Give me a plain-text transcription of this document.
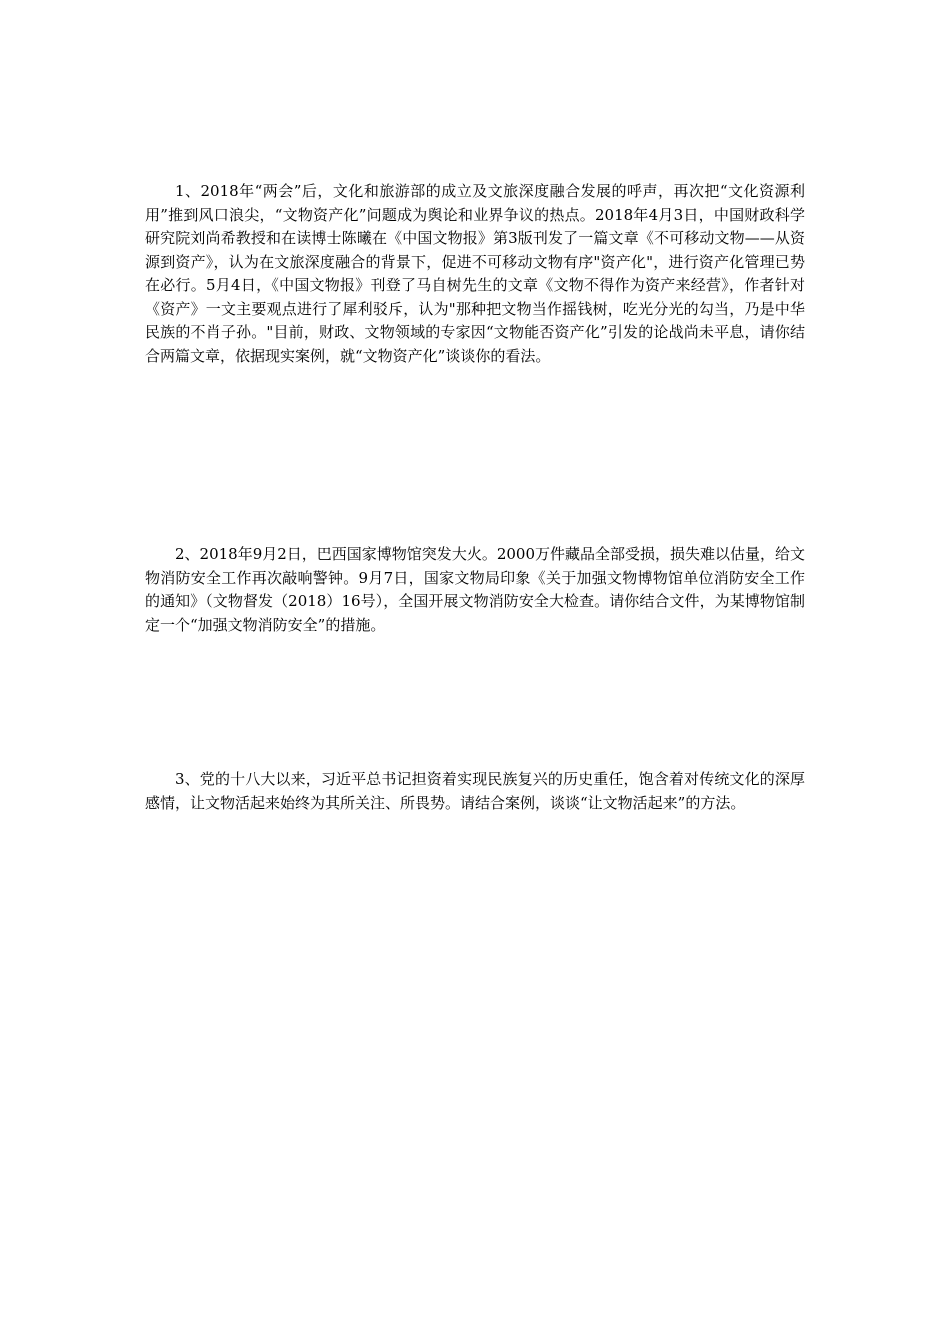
1、2018年“两会”后，文化和旅游部的成立及文旅深度融合发展的呼声，再次把“文化资源利用”推到风口浪尖，“文物资产化”问题成为舆论和业界争议的热点。2018年4月3日，中国财政科学研究院刘尚希教授和在读博士陈曦在《中国文物报》第3版刊发了一篇文章《不可移动文物——从资源到资产》，认为在文旅深度融合的背景下，促进不可移动文物有序"资产化"，进行资产化管理已势在必行。5月4日，《中国文物报》刊登了马自树先生的文章《文物不得作为资产来经营》，作者针对《资产》一文主要观点进行了犀利驳斥，认为"那种把文物当作摇钱树，吃光分光的勾当，乃是中华民族的不肖子孙。"目前，财政、文物领域的专家因“文物能否资产化”引发的论战尚未平息，请你结合两篇文章，依据现实案例，就“文物资产化”谈谈你的看法。

2、2018年9月2日，巴西国家博物馆突发大火。2000万件藏品全部受损，损失难以估量，给文物消防安全工作再次敲响警钟。9月7日，国家文物局印象《关于加强文物博物馆单位消防安全工作的通知》（文物督发（2018）16号），全国开展文物消防安全大检查。请你结合文件，为某博物馆制定一个“加强文物消防安全”的措施。

3、党的十八大以来，习近平总书记担资着实现民族复兴的历史重任，饱含着对传统文化的深厚感情，让文物活起来始终为其所关注、所畏势。请结合案例，谈谈“让文物活起来”的方法。
